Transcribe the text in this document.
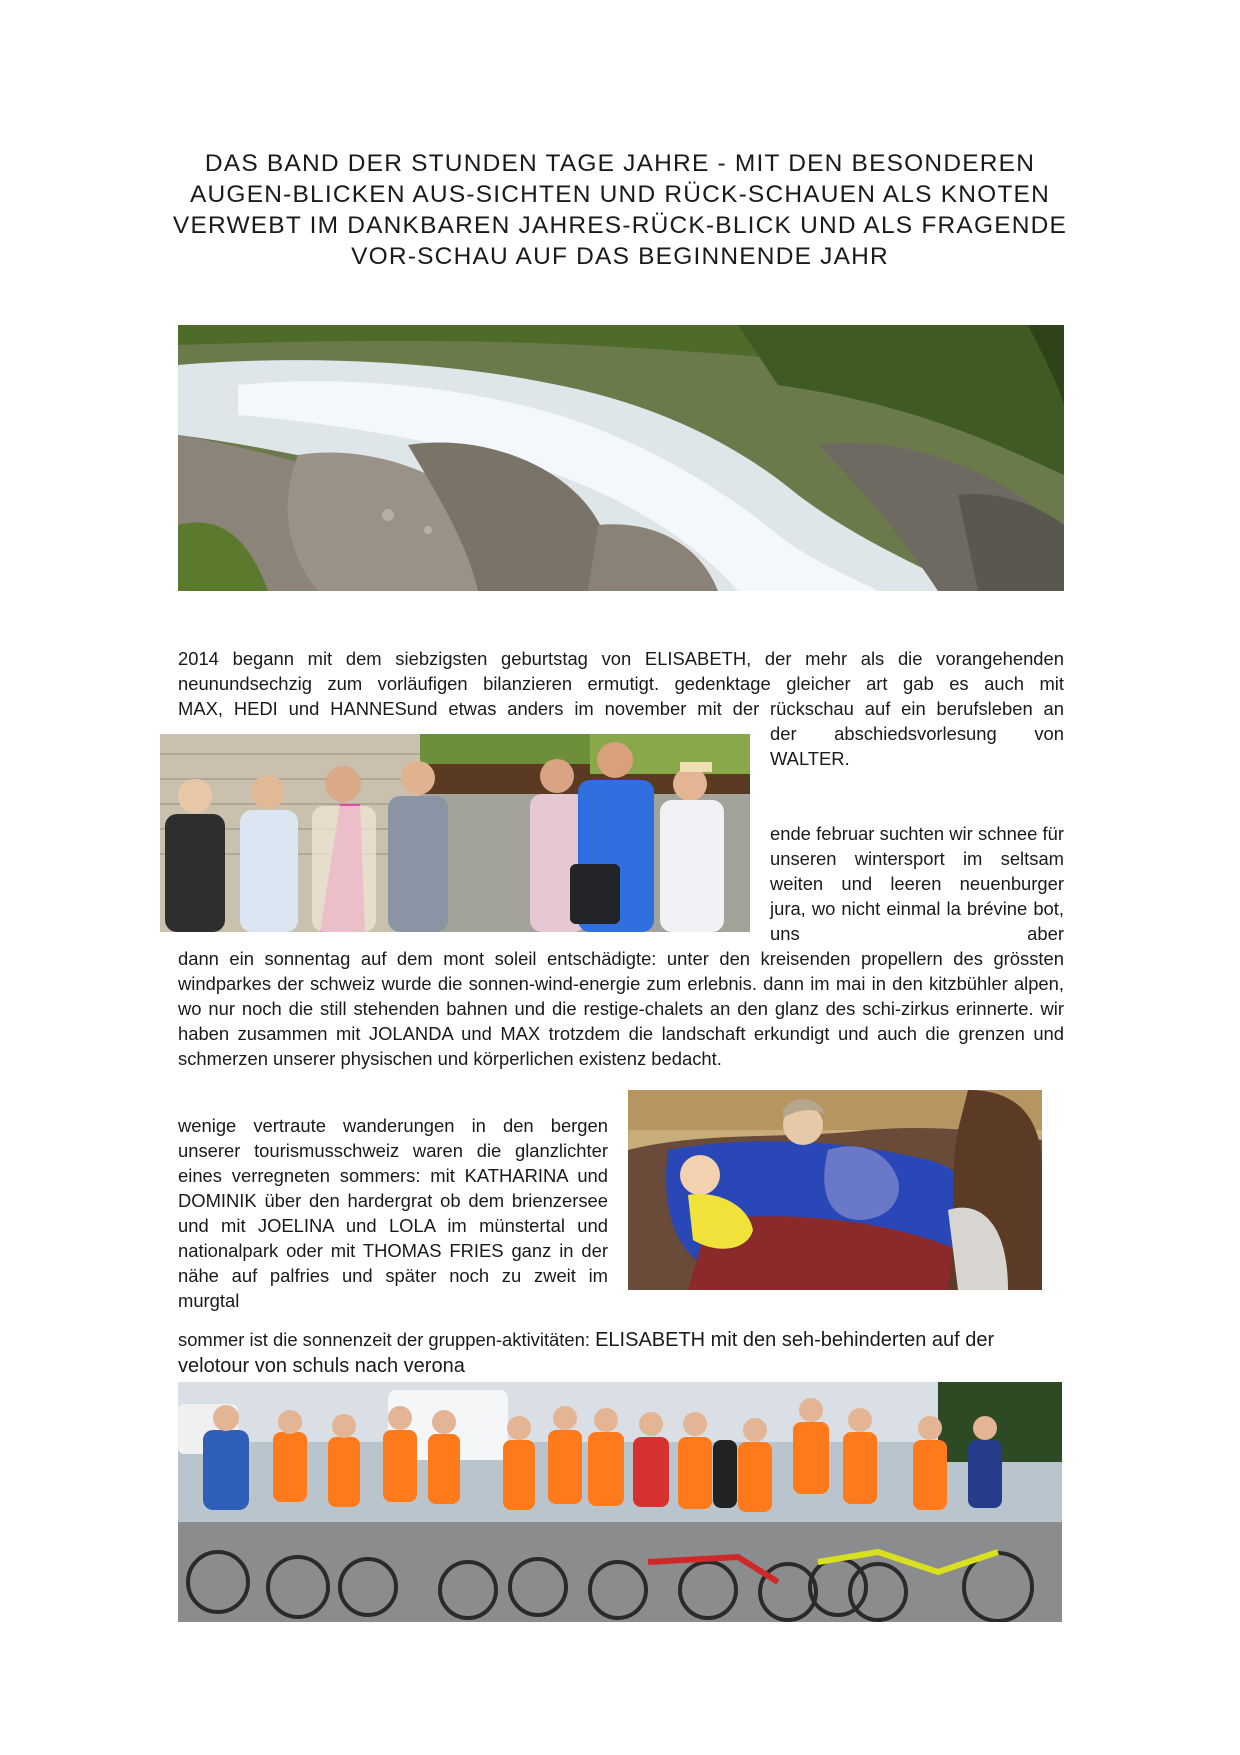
DAS BAND DER STUNDEN TAGE JAHRE - MIT DEN BESONDEREN AUGEN-BLICKEN AUS-SICHTEN UND RÜCK-SCHAUEN ALS KNOTEN VERWEBT IM DANKBAREN JAHRES-RÜCK-BLICK UND ALS FRAGENDE VOR-SCHAU AUF DAS BEGINNENDE JAHR

2014 begann mit dem siebzigsten geburtstag von ELISABETH, der mehr als die vorangehenden

neunundsechzig zum vorläufigen bilanzieren ermutigt. gedenktage gleicher art gab es auch mit

MAX, HEDI und HANNESund etwas anders im november mit der rückschau auf ein berufsleben an

der abschiedsvorlesung von

WALTER.

ende februar suchten wir schnee für unseren wintersport im seltsam weiten und leeren neuenburger jura, wo nicht einmal la brévine bot, uns aber

dann ein sonnentag auf dem mont soleil entschädigte: unter den kreisenden propellern des grössten windparkes der schweiz wurde die sonnen-wind-energie zum erlebnis. dann im mai in den kitzbühler alpen, wo nur noch die still stehenden bahnen und die restige-chalets an den glanz des schi-zirkus erinnerte. wir haben zusammen mit JOLANDA und MAX trotzdem die landschaft erkundigt und auch die grenzen und schmerzen unserer physischen und körperlichen existenz bedacht.

wenige vertraute wanderungen in den bergen unserer tourismusschweiz waren die glanzlichter eines verregneten sommers: mit KATHARINA und DOMINIK über den hardergrat ob dem brienzersee und mit JOELINA und LOLA im münstertal und nationalpark oder mit THOMAS FRIES ganz in der nähe auf palfries und später noch zu zweit im murgtal

sommer ist die sonnenzeit der gruppen-aktivitäten: ELISABETH mit den seh-behinderten auf der velotour von schuls nach verona
